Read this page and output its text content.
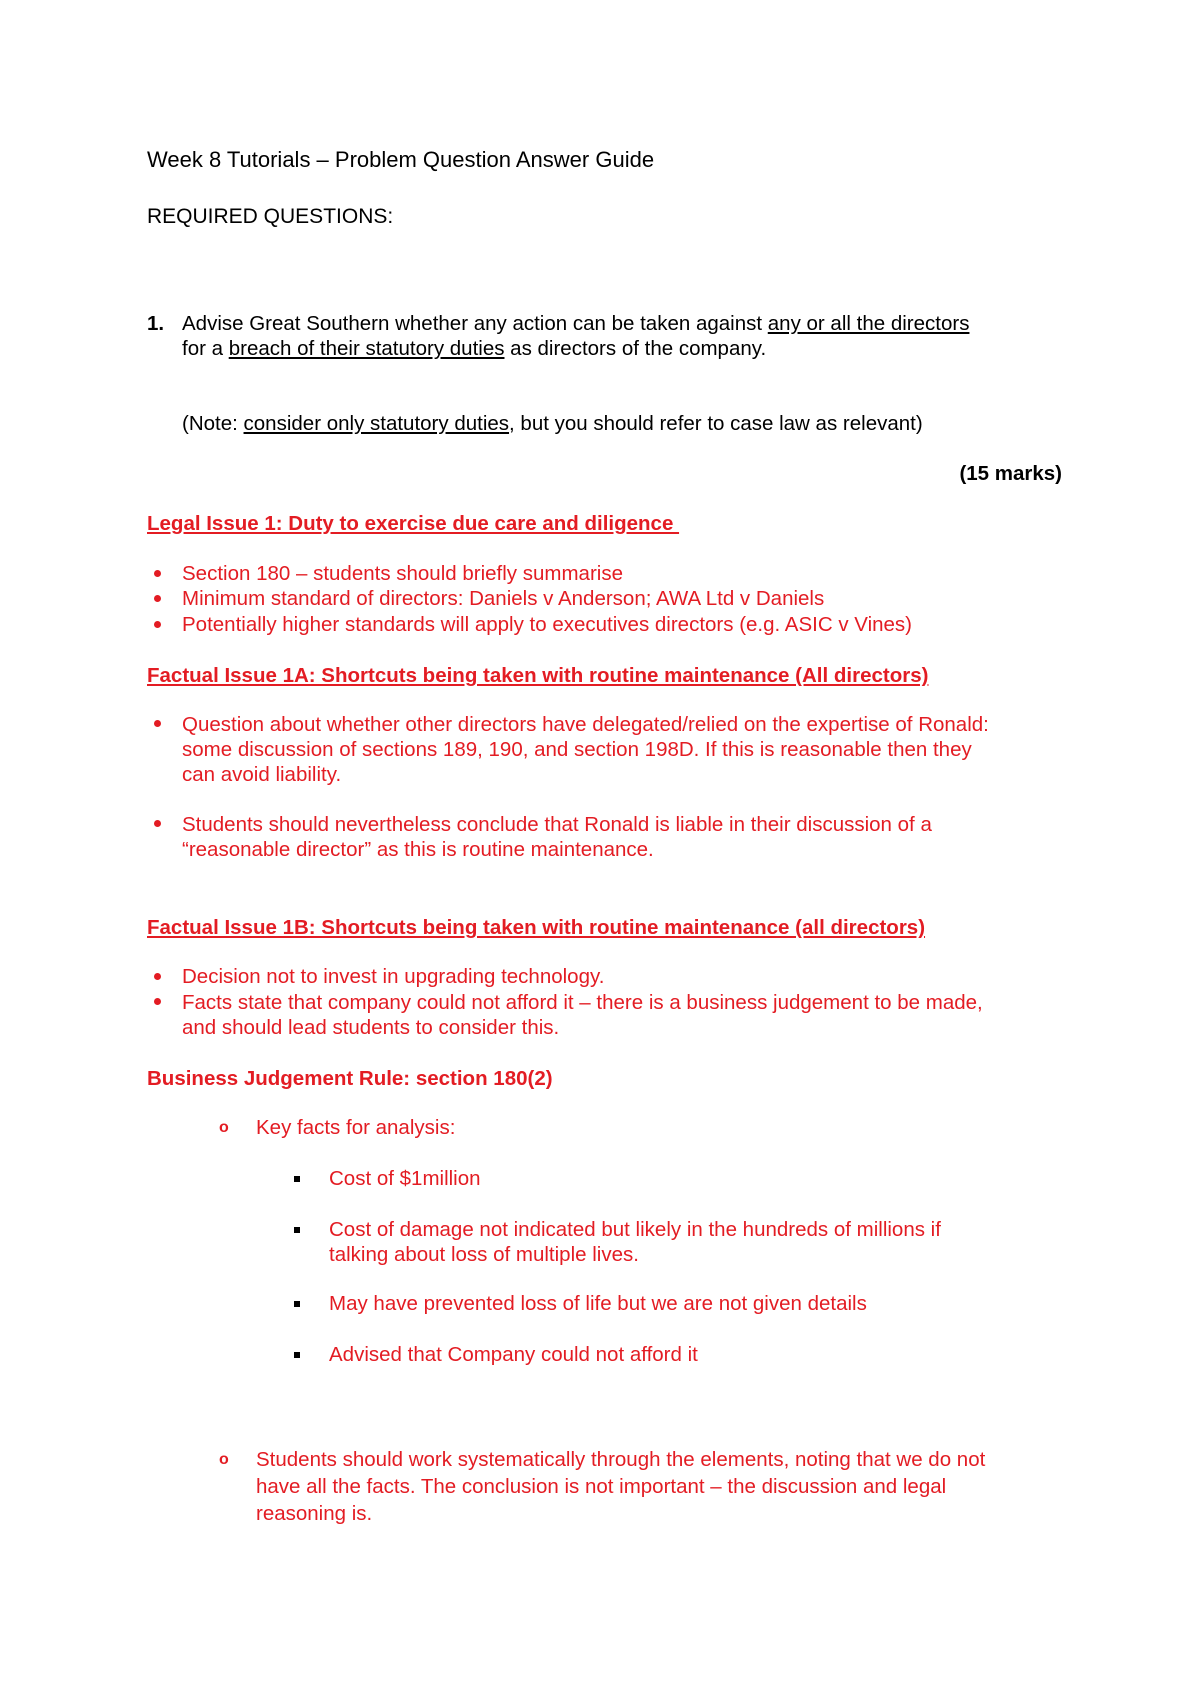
Week 8 Tutorials – Problem Question Answer Guide
REQUIRED QUESTIONS:
1. Advise Great Southern whether any action can be taken against any or all the directors
for a breach of their statutory duties as directors of the company.
(Note: consider only statutory duties, but you should refer to case law as relevant)
(15 marks)
Legal Issue 1: Duty to exercise due care and diligence
Section 180 – students should briefly summarise
Minimum standard of directors: Daniels v Anderson; AWA Ltd v Daniels
Potentially higher standards will apply to executives directors (e.g. ASIC v Vines)
Factual Issue 1A: Shortcuts being taken with routine maintenance (All directors)
Question about whether other directors have delegated/relied on the expertise of Ronald:
some discussion of sections 189, 190, and section 198D. If this is reasonable then they
can avoid liability.
Students should nevertheless conclude that Ronald is liable in their discussion of a
“reasonable director” as this is routine maintenance.
Factual Issue 1B: Shortcuts being taken with routine maintenance (all directors)
Decision not to invest in upgrading technology.
Facts state that company could not afford it – there is a business judgement to be made,
and should lead students to consider this.
Business Judgement Rule: section 180(2)
o Key facts for analysis:
Cost of $1million
Cost of damage not indicated but likely in the hundreds of millions if
talking about loss of multiple lives.
May have prevented loss of life but we are not given details
Advised that Company could not afford it
o Students should work systematically through the elements, noting that we do not
have all the facts. The conclusion is not important – the discussion and legal
reasoning is.
